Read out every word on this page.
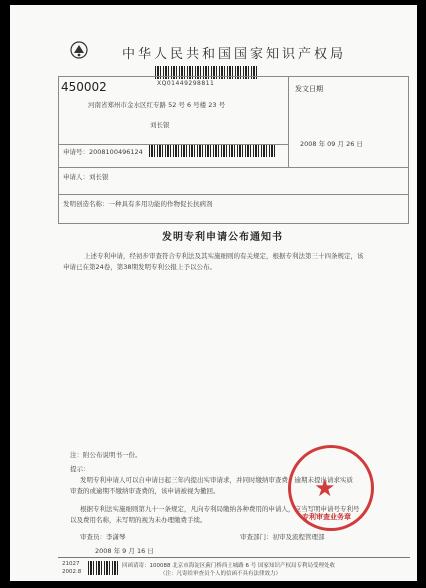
中华人民共和国国家知识产权局
XQ01449298811
450002
河南省郑州市金水区红专路 52 号 6 号楼 23 号
刘长银
发文日期
2008 年 09 月 26 日
申请号：2008100496124
申请人：刘长银
发明创造名称：一种具有多用功能的作物促长抗病剂
发明专利申请公布通知书
上述专利申请，经初步审查符合专利法及其实施细则的有关规定，根据专利法第三十四条规定，该
申请已在第24卷，第38期发明专利公报上予以公布。
注：附公布说明书一份。
提示：
发明专利申请人可以自申请日起三年内提出实审请求，并同时缴纳审查费，逾期未提出请求实质
审查的或逾期不缴纳审查费的，该申请被视为撤回。
根据专利法实施细则第九十一条规定，凡向专利局缴纳各种费用的申请人，应当写明申请号专利号
以及费用名称，未写明的视为未办理缴费手续。
审查员：李潇琴	审查部门：初审及流程管理部
2008 年 9 月 16 日
★
专利审查业务章
21027
2002.8
回函请寄：100088 北京市海淀区蓟门桥西土城路 6 号 国家知识产权局专利局受理处收
（注：凡寄给审查员个人的信函不具有法律效力）
